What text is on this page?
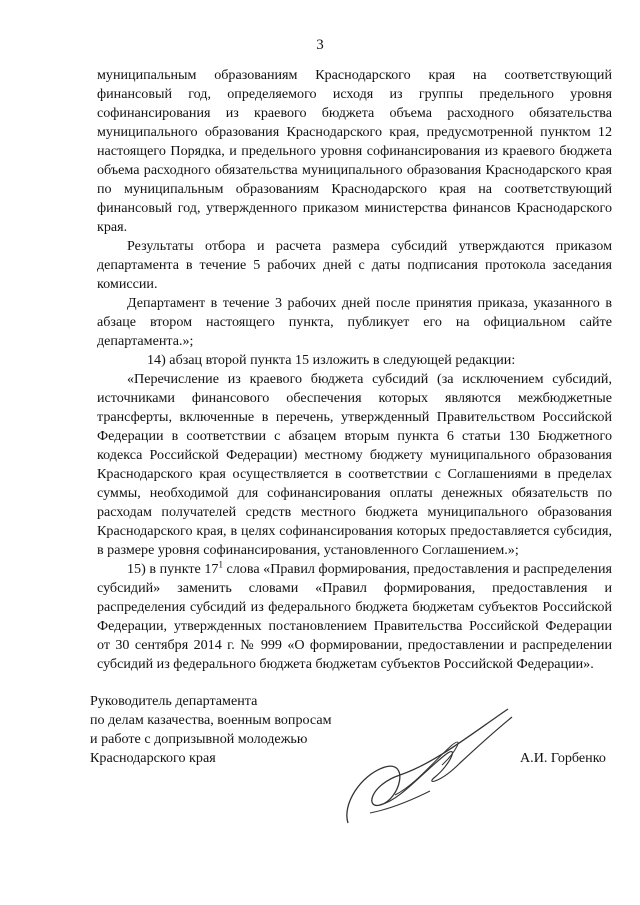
3

муниципальным образованиям Краснодарского края на соответствующий финансовый год, определяемого исходя из группы предельного уровня софинансирования из краевого бюджета объема расходного обязательства муниципального образования Краснодарского края, предусмотренной пунктом 12 настоящего Порядка, и предельного уровня софинансирования из краевого бюджета объема расходного обязательства муниципального образования Краснодарского края по муниципальным образованиям Краснодарского края на соответствующий финансовый год, утвержденного приказом министерства финансов Краснодарского края.

Результаты отбора и расчета размера субсидий утверждаются приказом департамента в течение 5 рабочих дней с даты подписания протокола заседания комиссии.

Департамент в течение 3 рабочих дней после принятия приказа, указанного в абзаце втором настоящего пункта, публикует его на официальном сайте департамента.»;

14) абзац второй пункта 15 изложить в следующей редакции:

«Перечисление из краевого бюджета субсидий (за исключением субсидий, источниками финансового обеспечения которых являются межбюджетные трансферты, включенные в перечень, утвержденный Правительством Российской Федерации в соответствии с абзацем вторым пункта 6 статьи 130 Бюджетного кодекса Российской Федерации) местному бюджету муниципального образования Краснодарского края осуществляется в соответствии с Соглашениями в пределах суммы, необходимой для софинансирования оплаты денежных обязательств по расходам получателей средств местного бюджета муниципального образования Краснодарского края, в целях софинансирования которых предоставляется субсидия, в размере уровня софинансирования, установленного Соглашением.»;

15) в пункте $17^1$ слова «Правил формирования, предоставления и распределения субсидий» заменить словами «Правил формирования, предоставления и распределения субсидий из федерального бюджета бюджетам субъектов Российской Федерации, утвержденных постановлением Правительства Российской Федерации от 30 сентября 2014 г. № 999 «О формировании, предоставлении и распределении субсидий из федерального бюджета бюджетам субъектов Российской Федерации».

Руководитель департамента
по делам казачества, военным вопросам
и работе с допризывной молодежью
Краснодарского края	А.И. Горбенко
